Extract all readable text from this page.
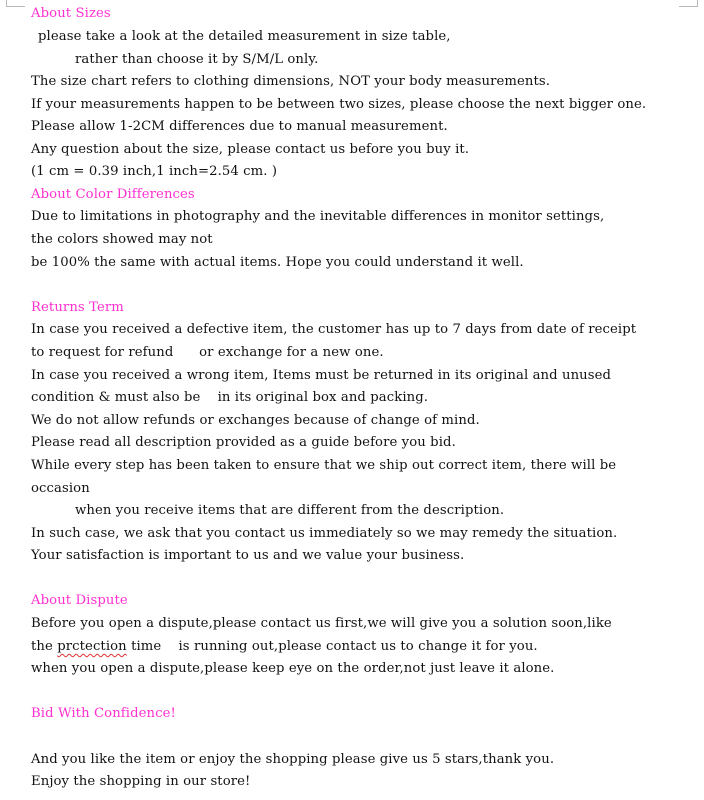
About Sizes
please take a look at the detailed measurement in size table,
rather than choose it by S/M/L only.
The size chart refers to clothing dimensions, NOT your body measurements.
If your measurements happen to be between two sizes, please choose the next bigger one.
Please allow 1-2CM differences due to manual measurement.
Any question about the size, please contact us before you buy it.
(1 cm = 0.39 inch,1 inch=2.54 cm. )
About Color Differences
Due to limitations in photography and the inevitable differences in monitor settings,
the colors showed may not
be 100% the same with actual items. Hope you could understand it well.
Returns Term
In case you received a defective item, the customer has up to 7 days from date of receipt
to request for refund      or exchange for a new one.
In case you received a wrong item, Items must be returned in its original and unused
condition & must also be    in its original box and packing.
We do not allow refunds or exchanges because of change of mind.
Please read all description provided as a guide before you bid.
While every step has been taken to ensure that we ship out correct item, there will be
occasion
when you receive items that are different from the description.
In such case, we ask that you contact us immediately so we may remedy the situation.
Your satisfaction is important to us and we value your business.
About Dispute
Before you open a dispute,please contact us first,we will give you a solution soon,like
the prctection time    is running out,please contact us to change it for you.
when you open a dispute,please keep eye on the order,not just leave it alone.
Bid With Confidence!
And you like the item or enjoy the shopping please give us 5 stars,thank you.
Enjoy the shopping in our store!
